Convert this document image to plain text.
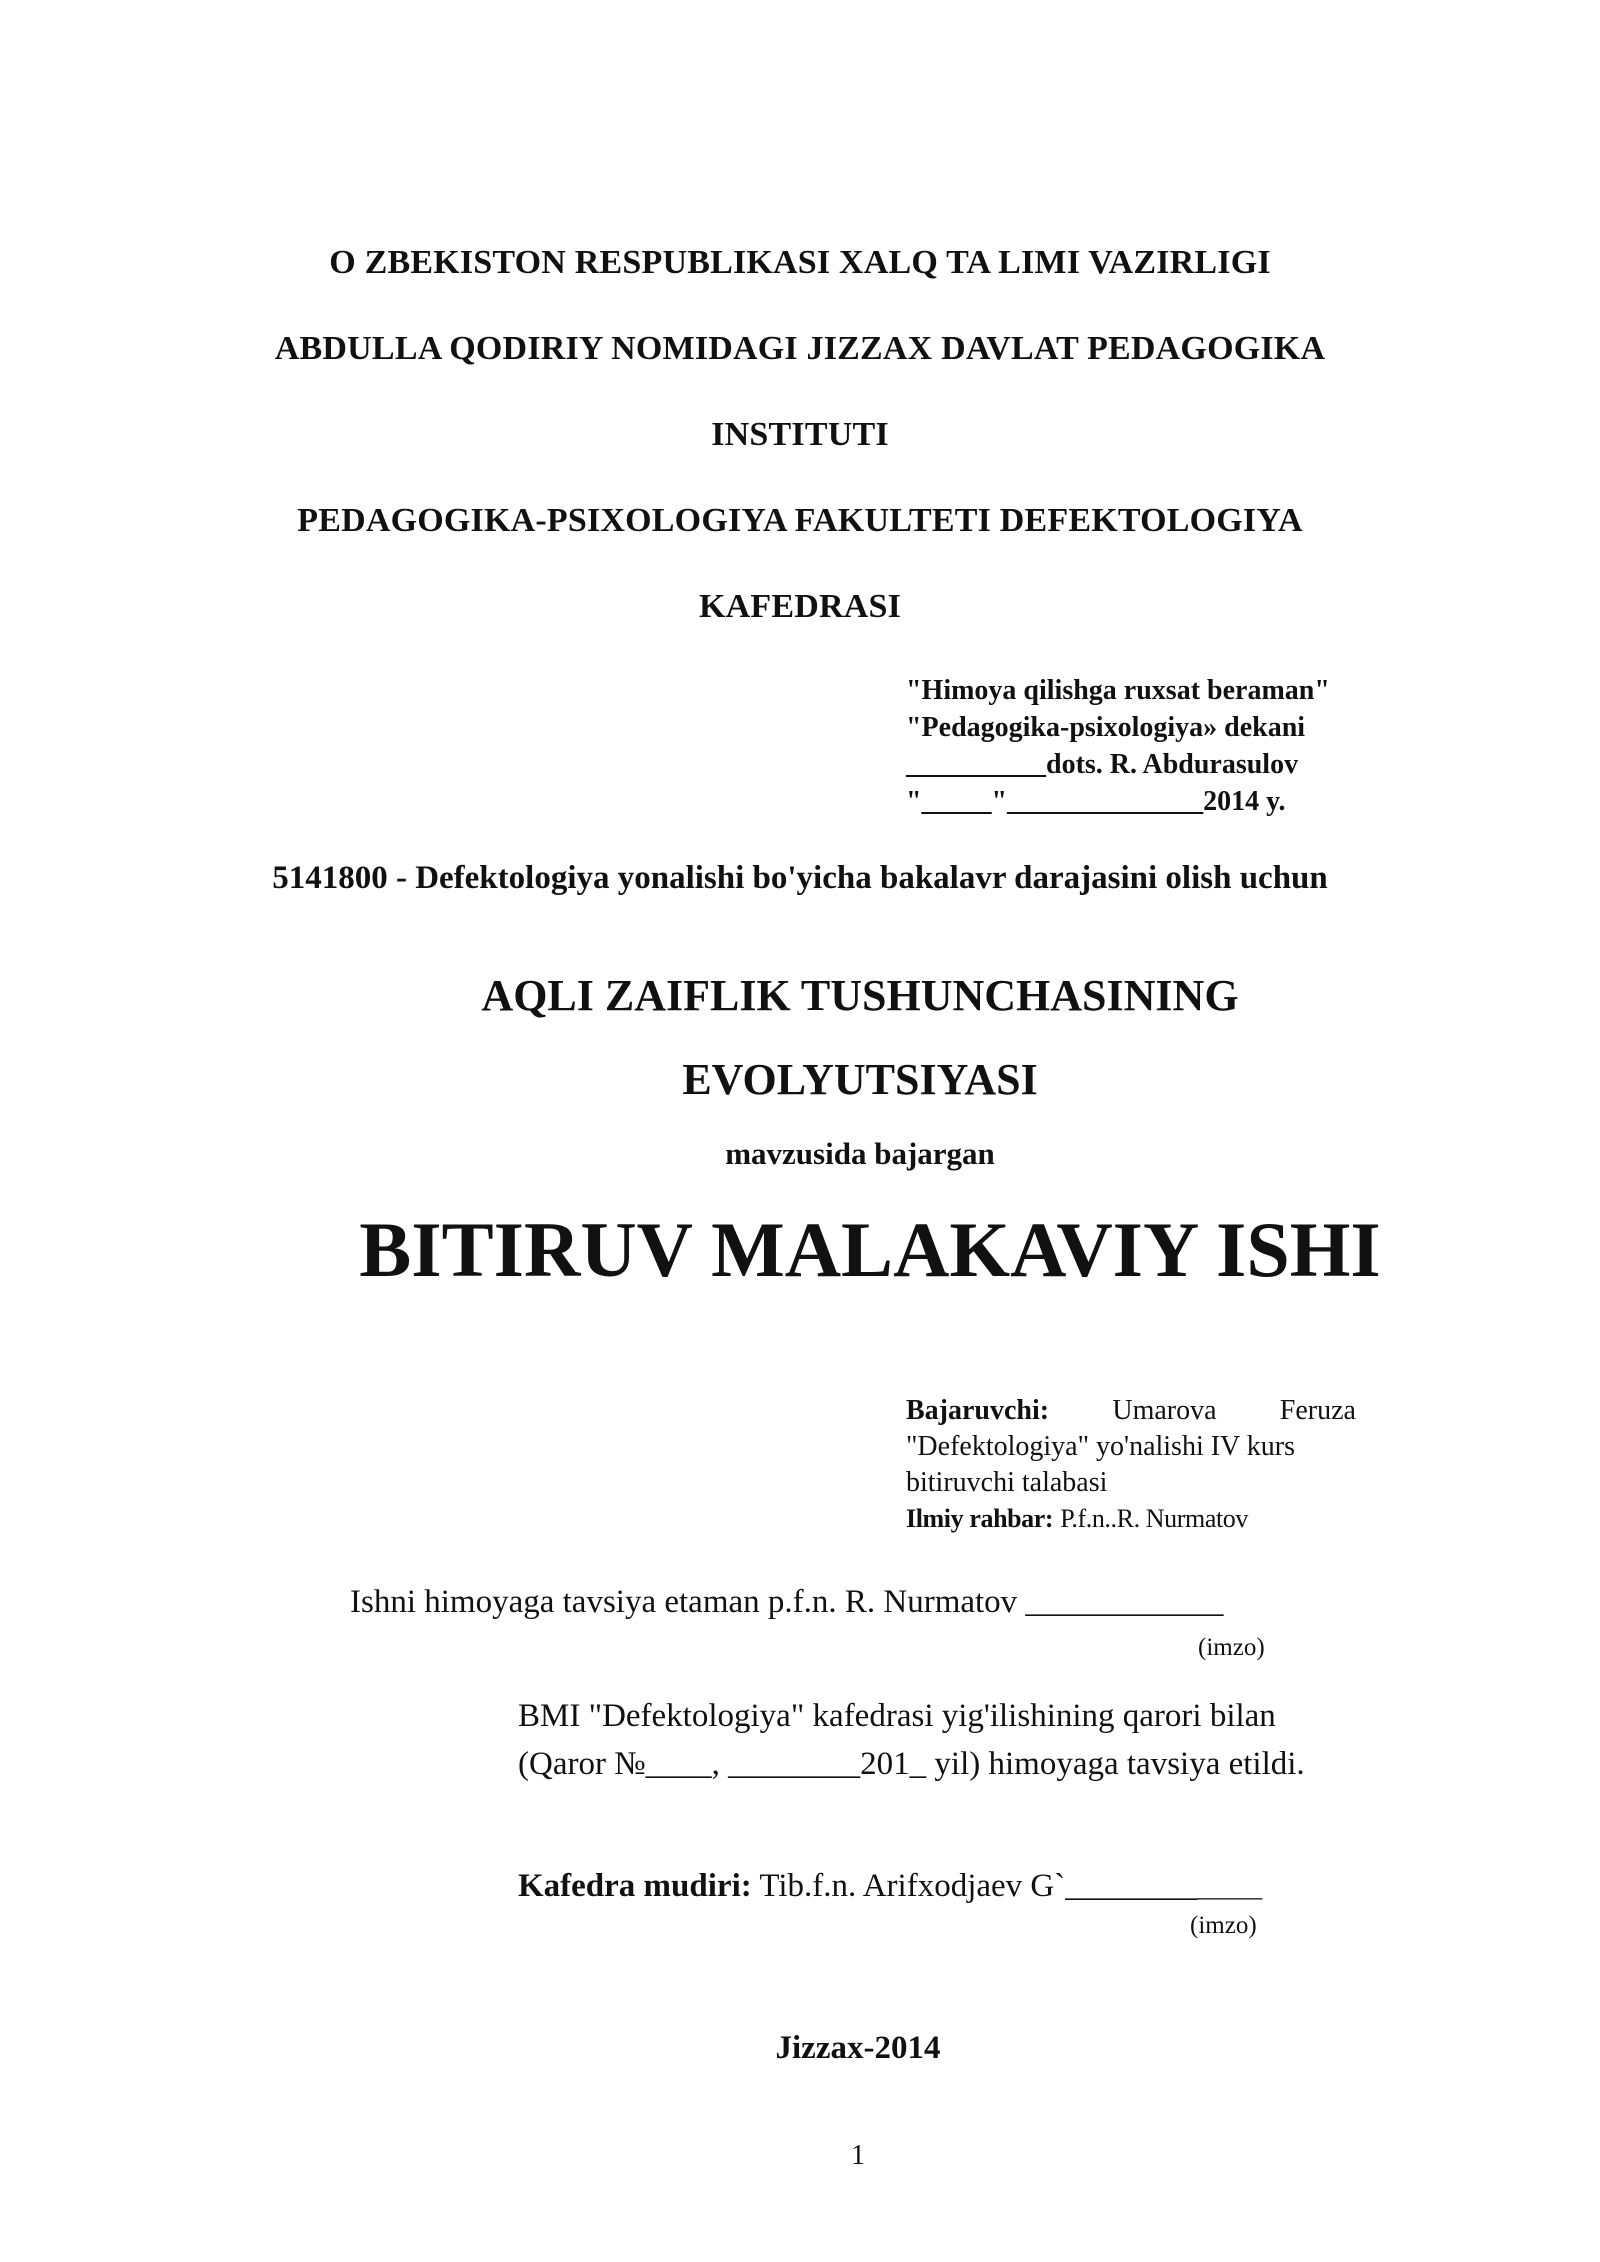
O ZBEKISTON RESPUBLIKASI XALQ TA LIMI VAZIRLIGI
ABDULLA QODIRIY NOMIDAGI JIZZAX DAVLAT PEDAGOGIKA
INSTITUTI
PEDAGOGIKA-PSIXOLOGIYA FAKULTETI DEFEKTOLOGIYA
KAFEDRASI
"Himoya qilishga ruxsat beraman"
"Pedagogika-psixologiya» dekani
__________dots. R. Abdurasulov
"_____"______________2014 y.
5141800 - Defektologiya yonalishi bo'yicha bakalavr darajasini olish uchun
AQLI ZAIFLIK TUSHUNCHASINING
EVOLYUTSIYASI
mavzusida bajargan
BITIRUV MALAKAVIY ISHI
Bajaruvchi: Umarova Feruza
"Defektologiya" yo'nalishi IV kurs
bitiruvchi talabasi
Ilmiy rahbar: P.f.n..R. Nurmatov
Ishni himoyaga tavsiya etaman p.f.n. R. Nurmatov ____________
(imzo)
BMI "Defektologiya" kafedrasi yig'ilishining qarori bilan
(Qaror №____, ________201_ yil) himoyaga tavsiya etildi.
Kafedra mudiri: Tib.f.n. Arifxodjaev G`_____________
(imzo)
Jizzax-2014
1
